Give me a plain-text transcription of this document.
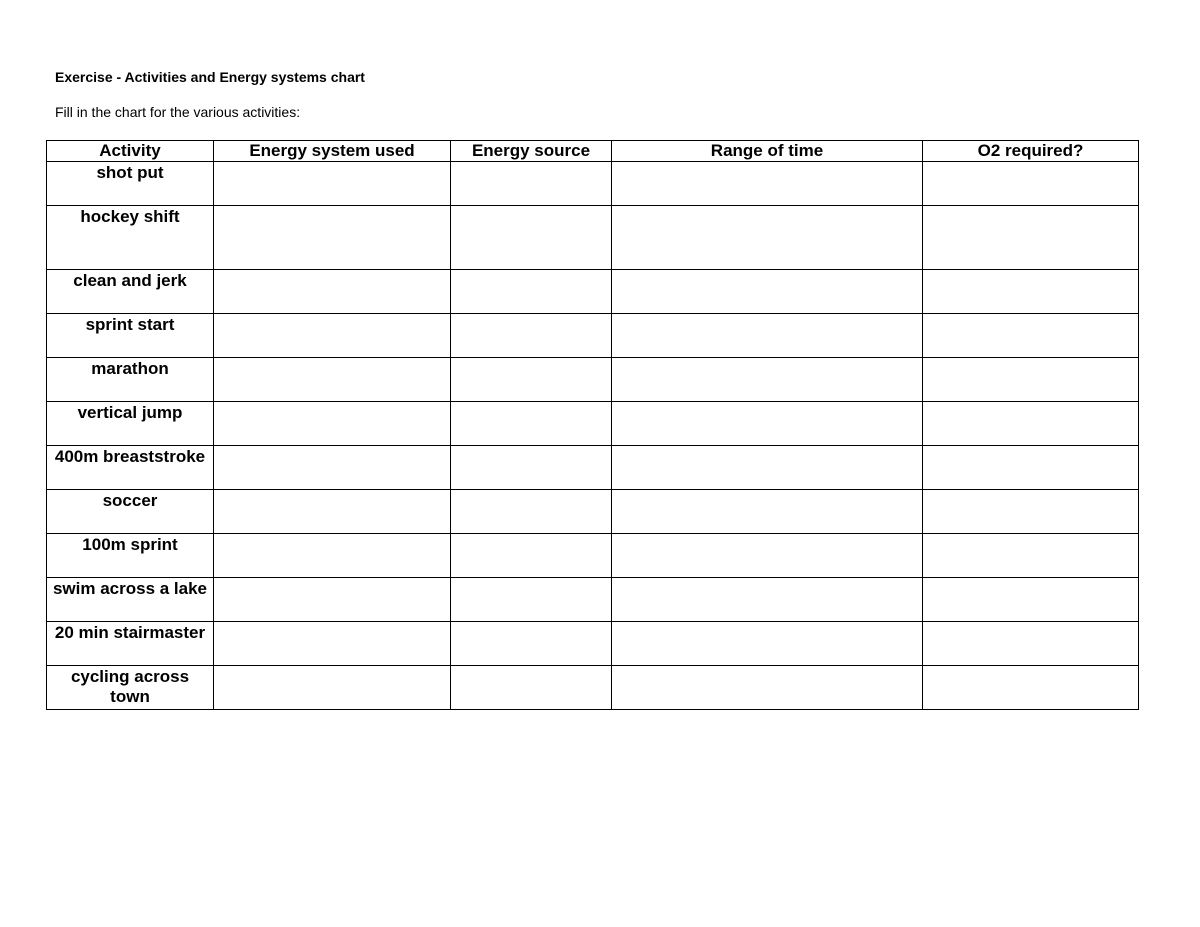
Exercise - Activities and Energy systems chart

Fill in the chart for the various activities:

Activity	Energy system used	Energy source	Range of time	O2 required?
shot put				
hockey shift				
clean and jerk				
sprint start				
marathon				
vertical jump				
400m breaststroke				
soccer				
100m sprint				
swim across a lake				
20 min stairmaster				
cycling across town				
